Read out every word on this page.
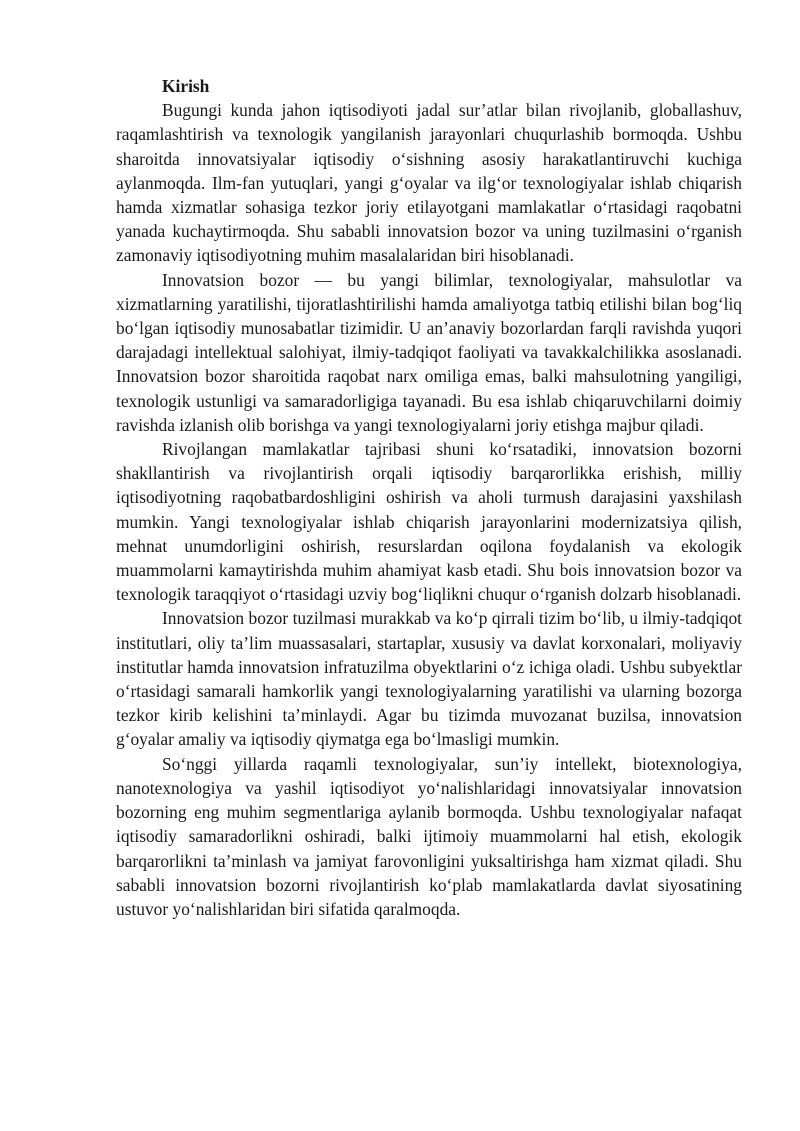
Kirish

Bugungi kunda jahon iqtisodiyoti jadal sur’atlar bilan rivojlanib, globallashuv, raqamlashtirish va texnologik yangilanish jarayonlari chuqurlashib bormoqda. Ushbu sharoitda innovatsiyalar iqtisodiy o‘sishning asosiy harakatlantiruvchi kuchiga aylanmoqda. Ilm-fan yutuqlari, yangi g‘oyalar va ilg‘or texnologiyalar ishlab chiqarish hamda xizmatlar sohasiga tezkor joriy etilayotgani mamlakatlar o‘rtasidagi raqobatni yanada kuchaytirmoqda. Shu sababli innovatsion bozor va uning tuzilmasini o‘rganish zamonaviy iqtisodiyotning muhim masalalaridan biri hisoblanadi.

Innovatsion bozor — bu yangi bilimlar, texnologiyalar, mahsulotlar va xizmatlarning yaratilishi, tijoratlashtirilishi hamda amaliyotga tatbiq etilishi bilan bog‘liq bo‘lgan iqtisodiy munosabatlar tizimidir. U an’anaviy bozorlardan farqli ravishda yuqori darajadagi intellektual salohiyat, ilmiy-tadqiqot faoliyati va tavakkalchilikka asoslanadi. Innovatsion bozor sharoitida raqobat narx omiliga emas, balki mahsulotning yangiligi, texnologik ustunligi va samaradorligiga tayanadi. Bu esa ishlab chiqaruvchilarni doimiy ravishda izlanish olib borishga va yangi texnologiyalarni joriy etishga majbur qiladi.

Rivojlangan mamlakatlar tajribasi shuni ko‘rsatadiki, innovatsion bozorni shakllantirish va rivojlantirish orqali iqtisodiy barqarorlikka erishish, milliy iqtisodiyotning raqobatbardoshligini oshirish va aholi turmush darajasini yaxshilash mumkin. Yangi texnologiyalar ishlab chiqarish jarayonlarini modernizatsiya qilish, mehnat unumdorligini oshirish, resurslardan oqilona foydalanish va ekologik muammolarni kamaytirishda muhim ahamiyat kasb etadi. Shu bois innovatsion bozor va texnologik taraqqiyot o‘rtasidagi uzviy bog‘liqlikni chuqur o‘rganish dolzarb hisoblanadi.

Innovatsion bozor tuzilmasi murakkab va ko‘p qirrali tizim bo‘lib, u ilmiy-tadqiqot institutlari, oliy ta’lim muassasalari, startaplar, xususiy va davlat korxonalari, moliyaviy institutlar hamda innovatsion infratuzilma obyektlarini o‘z ichiga oladi. Ushbu subyektlar o‘rtasidagi samarali hamkorlik yangi texnologiyalarning yaratilishi va ularning bozorga tezkor kirib kelishini ta’minlaydi. Agar bu tizimda muvozanat buzilsa, innovatsion g‘oyalar amaliy va iqtisodiy qiymatga ega bo‘lmasligi mumkin.

So‘nggi yillarda raqamli texnologiyalar, sun’iy intellekt, biotexnologiya, nanotexnologiya va yashil iqtisodiyot yo‘nalishlaridagi innovatsiyalar innovatsion bozorning eng muhim segmentlariga aylanib bormoqda. Ushbu texnologiyalar nafaqat iqtisodiy samaradorlikni oshiradi, balki ijtimoiy muammolarni hal etish, ekologik barqarorlikni ta’minlash va jamiyat farovonligini yuksaltirishga ham xizmat qiladi. Shu sababli innovatsion bozorni rivojlantirish ko‘plab mamlakatlarda davlat siyosatining ustuvor yo‘nalishlaridan biri sifatida qaralmoqda.
